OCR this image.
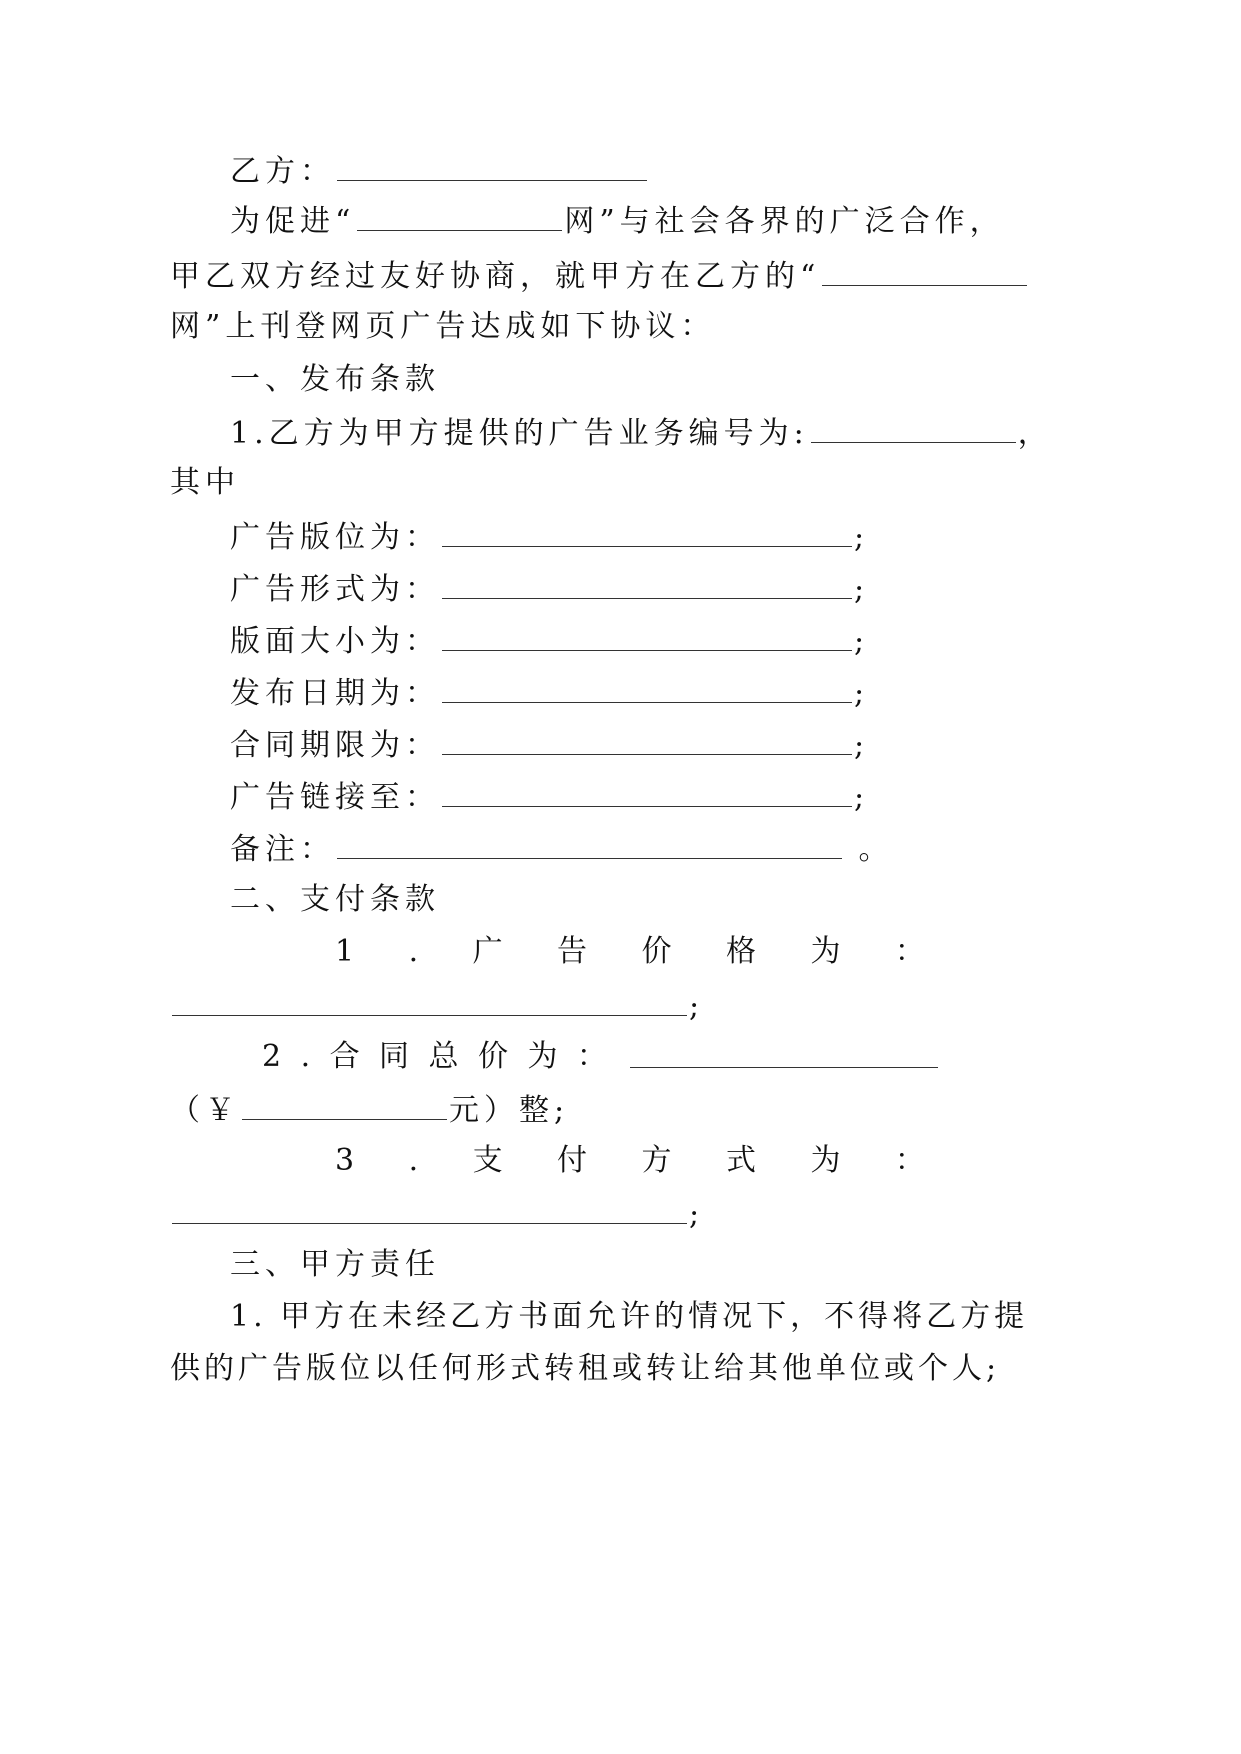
乙方：
为促进“	网”与社会各界的广泛合作，
甲乙双方经过友好协商，就甲方在乙方的“
网”上刊登网页广告达成如下协议：
一、发布条款
1.乙方为甲方提供的广告业务编号为:	，
其中
广告版位为：	;
广告形式为：	;
版面大小为：	;
发布日期为：	;
合同期限为：	;
广告链接至：	;
备注：	。
二、支付条款
1 . 广 告 价 格 为 ：
;
2 . 合 同 总 价 为 ：
（￥	元）整;
3 . 支 付 方 式 为 ：
;
三、甲方责任
1. 甲方在未经乙方书面允许的情况下，不得将乙方提
供的广告版位以任何形式转租或转让给其他单位或个人;
